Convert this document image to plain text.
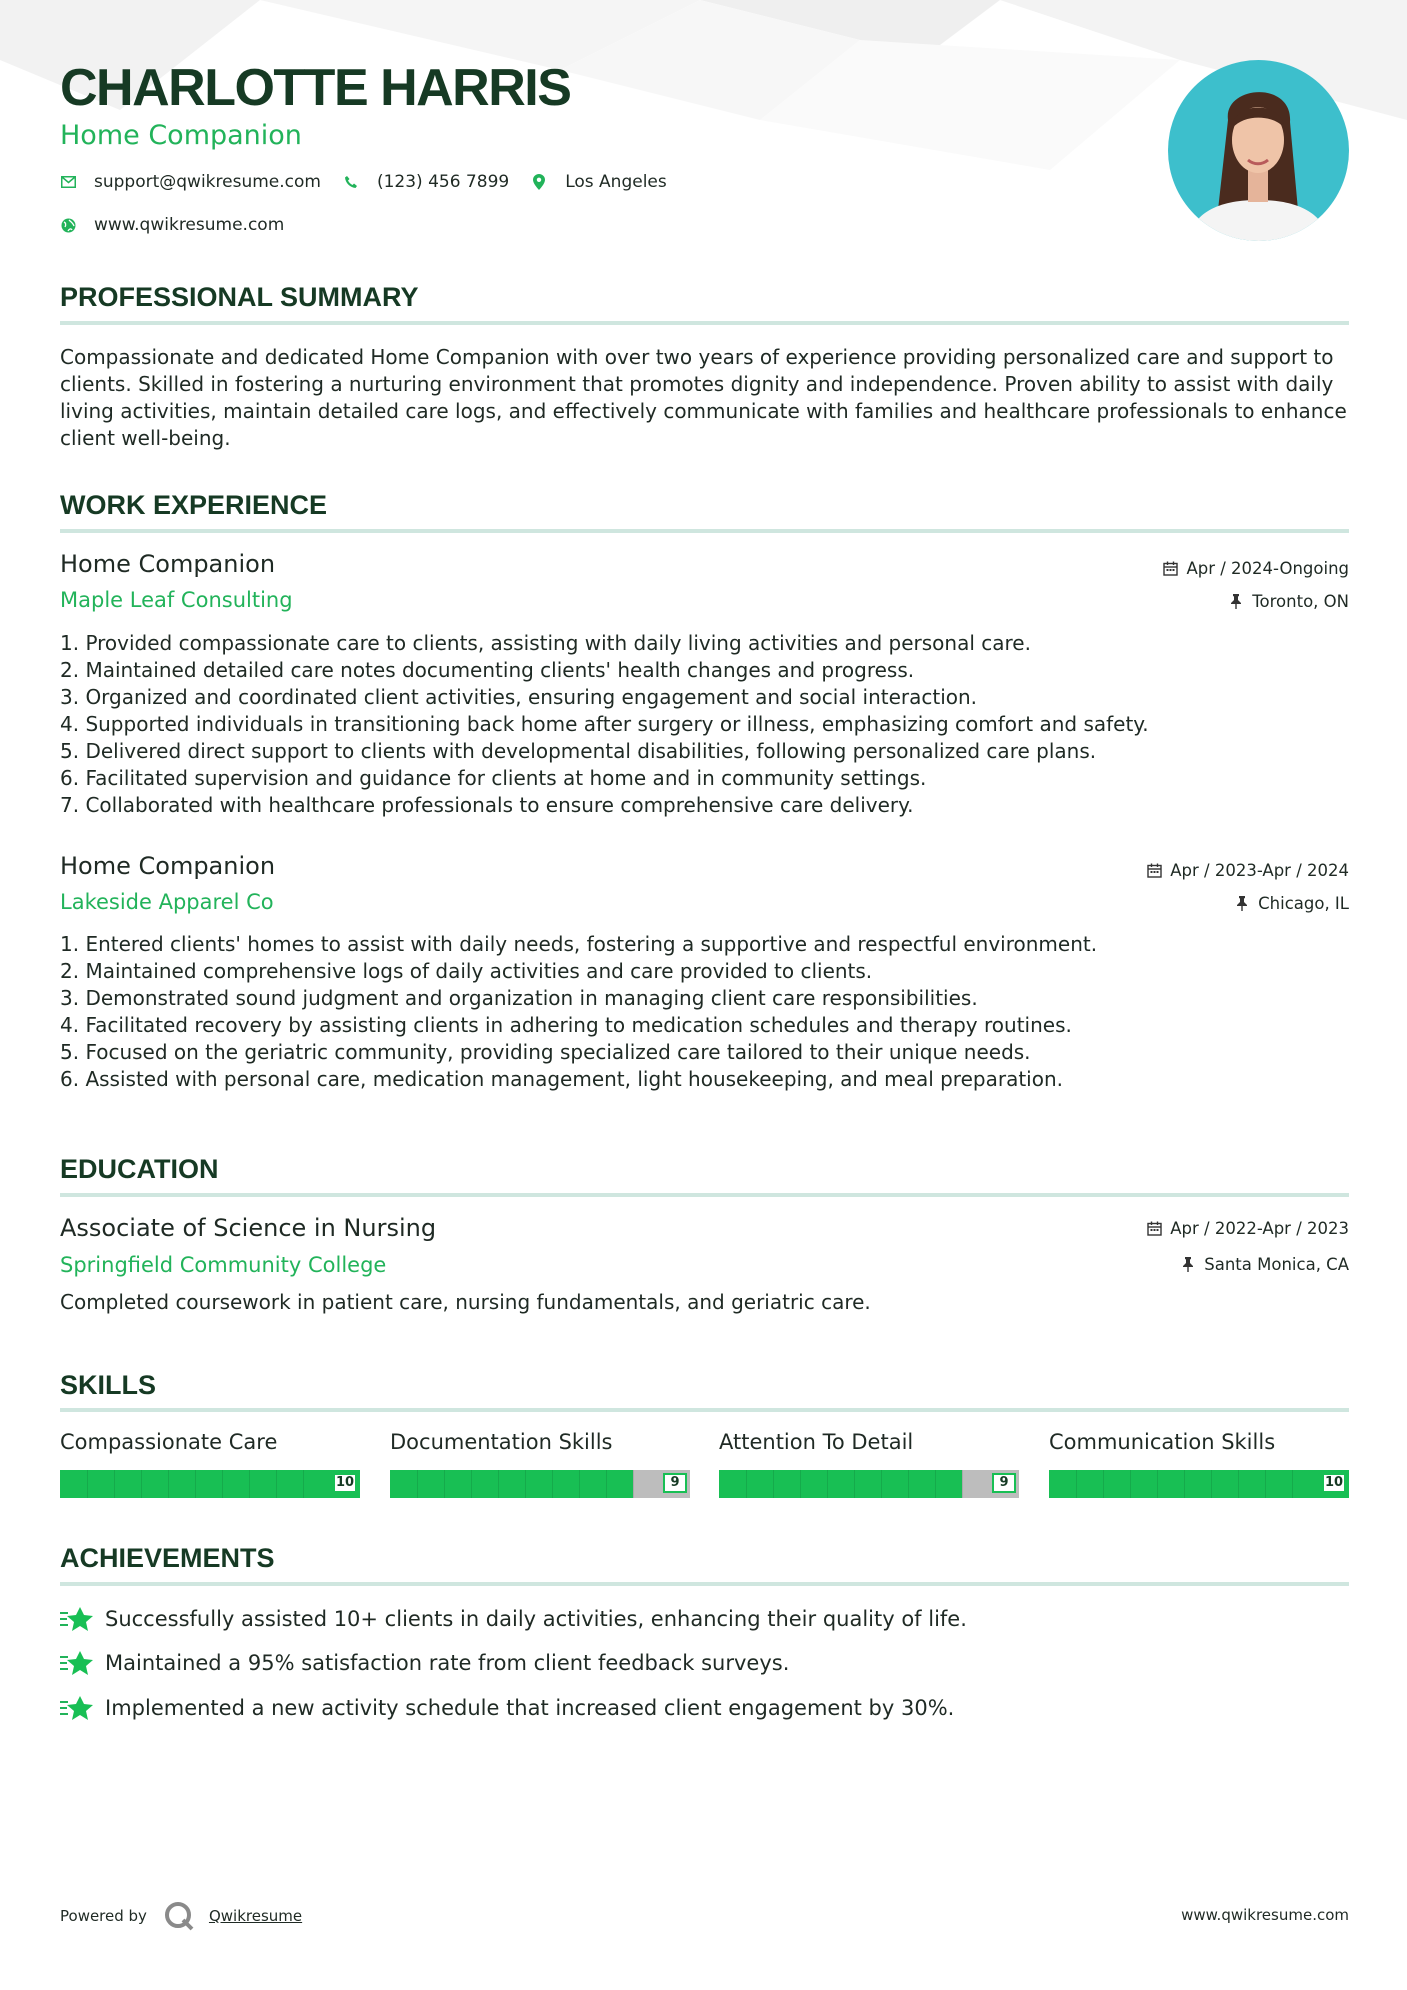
CHARLOTTE HARRIS
Home Companion
support@qwikresume.com	(123) 456 7899	Los Angeles
www.qwikresume.com
PROFESSIONAL SUMMARY
Compassionate and dedicated Home Companion with over two years of experience providing personalized care and support to clients. Skilled in fostering a nurturing environment that promotes dignity and independence. Proven ability to assist with daily living activities, maintain detailed care logs, and effectively communicate with families and healthcare professionals to enhance client well-being.
WORK EXPERIENCE
Home Companion	Apr / 2024-Ongoing
Maple Leaf Consulting	Toronto, ON
1. Provided compassionate care to clients, assisting with daily living activities and personal care.
2. Maintained detailed care notes documenting clients' health changes and progress.
3. Organized and coordinated client activities, ensuring engagement and social interaction.
4. Supported individuals in transitioning back home after surgery or illness, emphasizing comfort and safety.
5. Delivered direct support to clients with developmental disabilities, following personalized care plans.
6. Facilitated supervision and guidance for clients at home and in community settings.
7. Collaborated with healthcare professionals to ensure comprehensive care delivery.
Home Companion	Apr / 2023-Apr / 2024
Lakeside Apparel Co	Chicago, IL
1. Entered clients' homes to assist with daily needs, fostering a supportive and respectful environment.
2. Maintained comprehensive logs of daily activities and care provided to clients.
3. Demonstrated sound judgment and organization in managing client care responsibilities.
4. Facilitated recovery by assisting clients in adhering to medication schedules and therapy routines.
5. Focused on the geriatric community, providing specialized care tailored to their unique needs.
6. Assisted with personal care, medication management, light housekeeping, and meal preparation.
EDUCATION
Associate of Science in Nursing	Apr / 2022-Apr / 2023
Springfield Community College	Santa Monica, CA
Completed coursework in patient care, nursing fundamentals, and geriatric care.
SKILLS
Compassionate Care
10
Documentation Skills
9
Attention To Detail
9
Communication Skills
10
ACHIEVEMENTS
Successfully assisted 10+ clients in daily activities, enhancing their quality of life.
Maintained a 95% satisfaction rate from client feedback surveys.
Implemented a new activity schedule that increased client engagement by 30%.
Powered by	Qwikresume	www.qwikresume.com
